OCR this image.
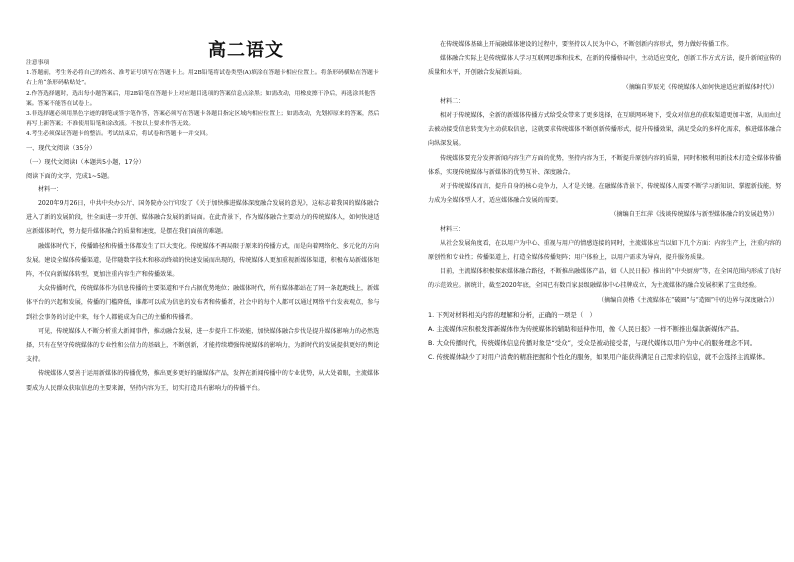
高二语文

注意事项

1.答题前，考生务必将自己的姓名、准考证号填写在答题卡上。用2B铅笔将试卷类型(A)填涂在答题卡相应位置上。将条形码横贴在答题卡右上角“条形码粘贴处”。

2.作答选择题时，选出每小题答案后，用2B铅笔在答题卡上对应题目选项的答案信息点涂黑；如需改动，用橡皮擦干净后，再选涂其他答案。答案不能答在试卷上。

3.非选择题必须用黑色字迹的钢笔或签字笔作答，答案必须写在答题卡各题目指定区域内相应位置上；如需改动，先划掉原来的答案，然后再写上新答案；不准使用铅笔和涂改液。不按以上要求作答无效。

4.考生必须保证答题卡的整洁。考试结束后，将试卷和答题卡一并交回。

一、现代文阅读（35分）

（一）现代文阅读Ⅰ（本题共5小题，17分）

阅读下面的文字，完成1~5题。

材料一：

2020年9月26日，中共中央办公厅、国务院办公厅印发了《关于加快推进媒体深度融合发展的意见》，这标志着我国的媒体融合进入了新的发展阶段，往全面进一步开创、媒体融合发展的新局面。在此背景下，作为媒体融合主要动力的传统媒体人，如何快速适应新媒体时代，努力提升媒体融合的质量和速度，是摆在我们面前的难题。

融媒体时代下，传播路径和传播主体都发生了巨大变化。传统媒体不再局限于原来的传播方式，而是向着网络化、多元化的方向发展。建设全媒体传播渠道，是伴随数字技术和移动终端的快速发展而出现的，传统媒体人更加重视新媒体渠道，积极布局新媒体矩阵，不仅向新媒体转型，更加注重内容生产和传播效果。

大众传播时代，传统媒体作为信息传播的主要渠道和平台占据优势地位；融媒体时代，所有媒体都站在了同一条起跑线上，新媒体平台的兴起和发展，传播的门槛降低，谁都可以成为信息的发布者和传播者，社会中的每个人都可以通过网络平台发表观点，参与到社会事务的讨论中来，每个人都能成为自己的主播和传播者。

可见，传统媒体人不断分析重大新闻事件，推动融合发展，进一步提升工作效能，加快媒体融合步伐是提升媒体影响力的必然选择，只有在坚守传统媒体的专业性和公信力的基础上，不断创新，才能持续增强传统媒体的影响力，为新时代的发展提供更好的舆论支持。

传统媒体人要善于运用新媒体的传播优势，推出更多更好的融媒体产品，发挥在新闻传播中的专业优势，从大处着眼，主流媒体要成为人民群众获取信息的主要来源，坚持内容为王，切实打造具有影响力的传播平台。

在传统媒体基础上开展融媒体建设的过程中，要坚持以人民为中心，不断创新内容形式，努力做好传播工作。

媒体融合实际上是传统媒体人学习互联网思维和技术，在新的传播格局中，主动适应变化，创新工作方式方法，提升新闻宣传的质量和水平，开创融合发展新局面。

（摘编自罗辰光《传统媒体人如何快速适应新媒体时代》）

材料二：

相对于传统媒体，全新的新媒体传播方式给受众带来了更多选择，在互联网环境下，受众对信息的获取渠道更加丰富，从而由过去被动接受信息转变为主动获取信息，这就要求传统媒体不断创新传播形式，提升传播效果，满足受众的多样化需求，推进媒体融合向纵深发展。

传统媒体要充分发挥新闻内容生产方面的优势，坚持内容为王，不断提升原创内容的质量，同时积极利用新技术打造全媒体传播体系，实现传统媒体与新媒体的优势互补、深度融合。

对于传统媒体而言，提升自身的核心竞争力，人才是关键。在融媒体背景下，传统媒体人需要不断学习新知识、掌握新技能，努力成为全媒体型人才，适应媒体融合发展的需要。

（摘编自王红萍《浅谈传统媒体与新型媒体融合的发展趋势》）

材料三：

从社会发展角度看，在以用户为中心、重视与用户的情感连接的同时，主流媒体应当以如下几个方面：内容生产上，注重内容的原创性和专业性；传播渠道上，打造全媒体传播矩阵；用户体验上，以用户需求为导向，提升服务质量。

目前，主流媒体积极探索媒体融合路径，不断推出融媒体产品，如《人民日报》推出的“中央厨房”等，在全国范围内形成了良好的示范效应。据统计，截至2020年底，全国已有数百家县级融媒体中心挂牌成立，为主流媒体的融合发展积累了宝贵经验。

（摘编自黄楷《主流媒体在“破圈”与“造圈”中的边界与深度融合》）

1. 下列对材料相关内容的理解和分析，正确的一项是（　）

A. 主流媒体应积极发挥新媒体作为传统媒体的辅助和延伸作用，像《人民日报》一样不断推出爆款新媒体产品。

B. 大众传播时代，传统媒体信息传播对象是“受众”，受众是被动接受者，与现代媒体以用户为中心的服务理念不同。

C. 传统媒体缺少了对用户消费的精准把握和个性化的服务，如果用户能获得满足自己需求的信息，就不会选择主流媒体。
